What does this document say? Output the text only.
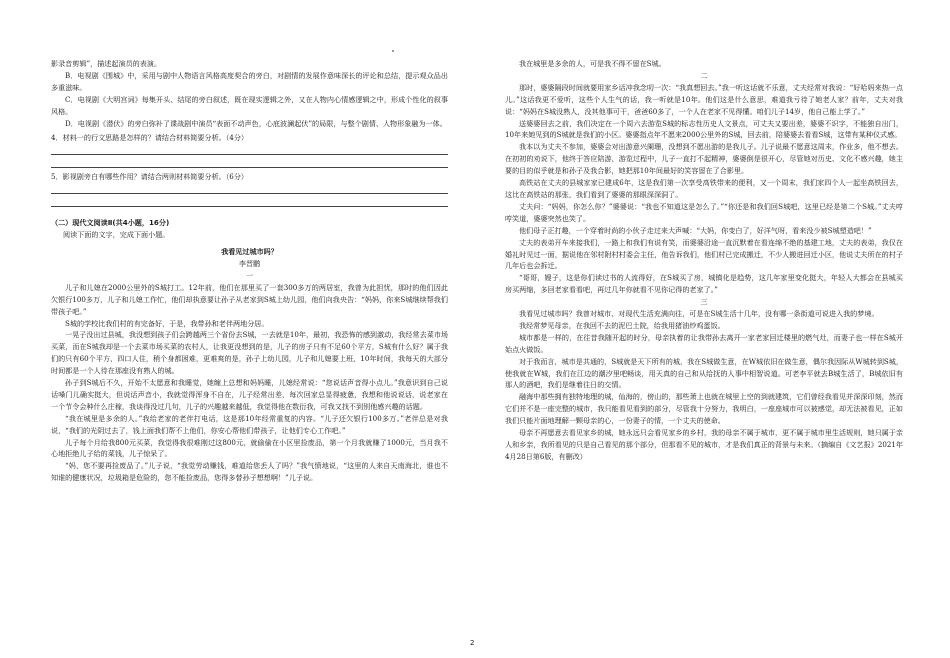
影录音剪辑”，描述起演员的表演。
B．电视剧《围城》中，采用与剧中人物语言风格高度契合的旁白，对剧情的发展作意味深长的评论和总结，提示观众品出多重滋味。
C．电视剧《大明宫词》每集开头、结尾的旁白叙述，既在现实逻辑之外，又在人物内心情感逻辑之中，形成个性化的叙事风格。
D．电视剧《潜伏》的旁白弥补了谍战剧中演员“表面不动声色，心底波澜起伏”的局限，与整个剧情、人物形象融为一体。
4．材料一的行文思路是怎样的？请结合材料简要分析。（4分）
5．影视剧旁白有哪些作用？请结合两则材料简要分析。（6分）
（二）现代文阅读Ⅱ(共4小题，16分)
阅读下面的文字，完成下面小题。
我看见过城市吗？
李晋鹏
一
儿子和儿媳在2000公里外的S城打工。12年前，他们在那里买了一套300多万的两居室，我曾为此担忧，那时的他们因此欠银行100多万，儿子和儿媳工作忙，他们却执意要让孙子从老家到S城上幼儿园，他们向我央告：“妈妈，你来S城继续帮我们带孩子吧。”
S城的学校比我们村的有完备好，于是，我带孙和老伴两地分居。
一晃子没出过县城，我没想到孩子们会跨越两三个省份去S城，一去就是10年，最初，我恐怖的感到激动，我经常去菜市场买菜，而在S城我却是一个去菜市场买菜的农村人，让我更没想到的是，儿子的房子只有不足60个平方，S城有什么好？属于我们的只有60个平方，四口人住，稍个身都困难，更难爽的是，孙子上幼儿园，儿子和儿媳要上班，10年时间，我每天的大部分时间都是一个人待在那座没有熟人的城。
孙子到S城后不久，开始不太愿意和我睡觉，她缠上总想和妈妈睡，儿媳经常说：“您说话声音得小点儿。”我意识到自己说话嗓门儿确实挺大，但说话声音小，我就觉得浑身不自在，儿子经常出差，每次回家总显得疲惫，我想和他说说话，说老家在一个节令会种什么庄稼，我谈得没过几句，儿子的兴趣越来越低，我觉得他在数衍我，可我又找不到别他感兴趣的话题。
“我在城里是多余的人。”我给老家的老伴打电话，这是那10年经常重复的内容。“儿子还欠银行100多万。”老伴总是对我说，“我们的光阴过去了，钱上面我们帮不上他们，你安心帮他们带孩子，让他们专心工作吧。”
儿子每个月给我800元买菜，我觉得我很难刚过这800元，就偷偷在小区里捡废品，第一个月我就赚了1000元，当月我不心地拒绝儿子给的菜钱，儿子惊呆了。
“妈，您不要再捡废品了。”儿子说，“我觉劳动赚钱，难道给您丢人了吗？”我气愤地说，“这里的人来自天南海北，谁也不知谁的健康状况，垃圾箱是危险的，您不能捡废品，您得多替孙子想想啊！”儿子说。
我在城里是多余的人，可是我不得不留在S城。
二
那时，婆婆隔段时间就要用家乡话冲我念叨一次：“我真想回去。”我一听这话就不乐意，丈夫经常对我说：“好哈妈来热一点儿。”这话我更不爱听，这些个人生气的话，我一听就是10年。他们这是什么意思，难道我亏待了她老人家？前年，丈夫对我说：“妈妈在S城没熟人，没其他事可干，爸爸60多了，一个人在老家不见得懂。咱们儿子14岁，他自己能上学了。”
送婆婆回去之前，我们决定在一个周六去游览S城的标志性历史人文景点，可丈夫又要出差，婆婆不识字，不能独自出门，10年来她见到的S城就是我们的小区。婆婆指点年不愿来2000公里外的S城，回去前，陪婆婆去看看S城，这带有某种仪式感。
我本以为丈夫不参加，婆婆会对出游意兴阑珊，没想到不愿出游的是我儿子。儿子说最不愿意这周末，作业多，他不想去。在初初的劝说下，他终于答应陪游，游览过程中，儿子一直打不起精神，婆婆倒是很开心，尽管她对历史、文化不感兴趣，她主要的目的似乎就是和孙子及我合影，她把那10年间最好的笑容留在了合影里。
高铁站在丈夫的县城家家已建成6年，这是我们第一次享受高铁带来的便利，又一个周末，我们家四个人一起坐高铁回去，这比在高铁站的那张，我们看到了婆婆的那眼深深洞了。
丈夫问：“妈妈，你怎么你？”婆婆说：“我也不知道这是怎么了。”“你还是和我们回S城吧，这里已经是第二个S城。”丈夫哼哼笑道，婆婆突然也笑了。
他们母子正打趣，一个穿着时尚的小伙子走过来大声喊：“大妈，你变白了，好洋气呀，看来没少被S城塑造吧！”
丈夫的表弟开车来接我们，一路上和我们有说有笑，而婆婆沿途一直沉默着在看连绵不绝的基建工地，丈夫的表弟，我仅在婚礼时见过一面，据说他在邻村附村村委会主任，他告诉我们，他们村已完成搬迁，不少人搬进回迁小区，他说丈夫所在的村子几年后也会拆迁。
“哥哥，嫂子，这是你们读过书的人流得好，在S城买了房，城镇化是趋势，这几年家里变化挺大，年轻人大都会在县城买房买两缩，多回老家看看吧，再过几年你就看不见你记得的老家了。”
三
我看见过城市吗？我曾对城市、对现代生活充满向往，可是在S城生活十几年，没有哪一条街道可说进入我的梦境。
我经常梦见母亲，在我回不去的泥巴土院，给我用猪油炒鸡蛋饭。
城市都是一样的，在往昔我随开起的时分，母亲执着的让我带孙去离开一家老家回迁楼里的燃气灶，而妻子也一样在S城开始点火做饭。
对于我而言，城市是共通的，S城就是天下所有的城，我在S城做生意，在W城依旧在做生意，偶尔我因际从W城转到S城，使我就在W城，我们在江边的潮汐里吧畅谈，用天真的自己和从给抚的人事中相智说道。可老李平就去B城生活了，B城依旧有那人的酒吧，我们是继着往日的交情。
融海中那些拥有独特地理的城，仙海的，傍山的，那些萧上也就在城里上空的到就建筑，它们曾经我看见并深深印刻，然而它们并不是一座完整的城市，我只能看见看到的部分，尽管我十分努力，我明白，一座座城市可以被感觉，却无法被看见，正如我们只能片面地理解一颗母亲的心，一份妻子的情，一个丈夫的使命。
母亲不再愿意去看见家乡的城，她永远只会看见家乡的乡村，我的母亲不属于城市，更不属于城市里生活规则，她只属于亲人和乡亲，我所看见的只是自己看见的那个部分，但那看不见的城市，才是我们真正的背景与未来。（摘编自《文艺报》2021年4月28日第6版，有删改）
2
